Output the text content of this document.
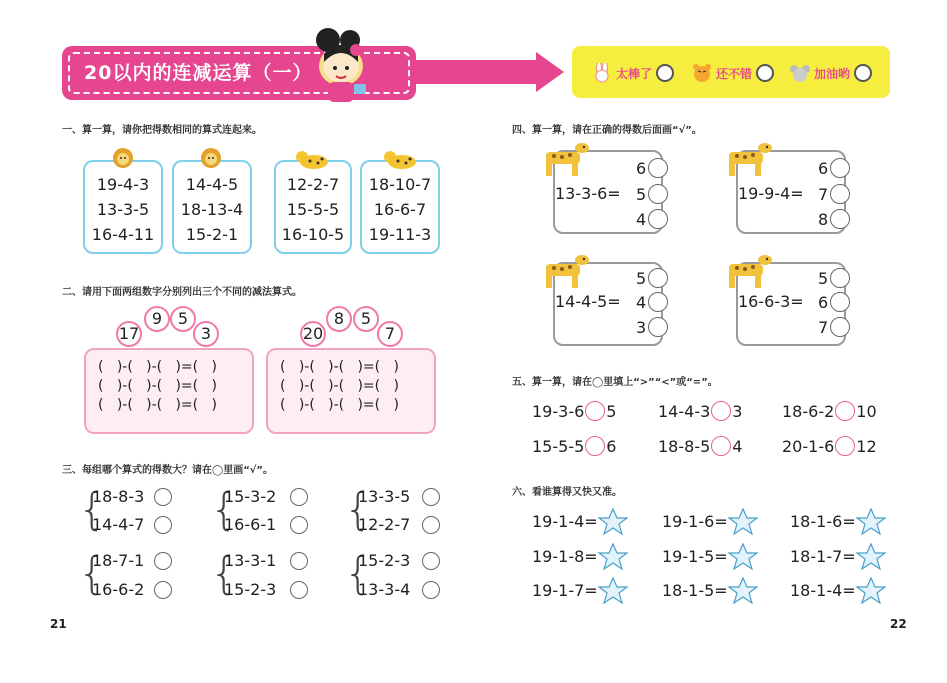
20以内的连减运算（一）	太棒了	还不错	加油哟
一、算一算，请你把得数相同的算式连起来。
19-4-3
13-3-5
16-4-11
14-4-5
18-13-4
15-2-1
12-2-7
15-5-5
16-10-5
18-10-7
16-6-7
19-11-3
二、请用下面两组数字分别列出三个不同的减法算式。
17
9 5
3
(   )-(   )-(   )=(   )
(   )-(   )-(   )=(   )
(   )-(   )-(   )=(   )
20
8	5
7
(   )-(   )-(   )=(   )
(   )-(   )-(   )=(   )
(   )-(   )-(   )=(   )
三、每组哪个算式的得数大？请在◯里画“√”。
{
18-8-3
14-4-7 {
15-3-2
16-6-1	{
13-3-5
12-2-7
{
18-7-1
16-6-2 {
13-3-1
15-2-3	{
15-2-3
13-3-4
四、算一算，请在正确的得数后面画“√”。
13-3-6=
6
5
4
19-9-4=
6
7
8
14-4-5=
5
4
3
16-6-3=
5
6
7
五、算一算，请在◯里填上“>”“<”或“=”。
19-3-6 5	14-4-3 3 18-6-2 10
15-5-5 6	18-8-5 4 20-1-6 12
六、看谁算得又快又准。
19-1-4=	19-1-6=	18-1-6=
19-1-8=	19-1-5=	18-1-7=
19-1-7=	18-1-5=	18-1-4=
21	22
